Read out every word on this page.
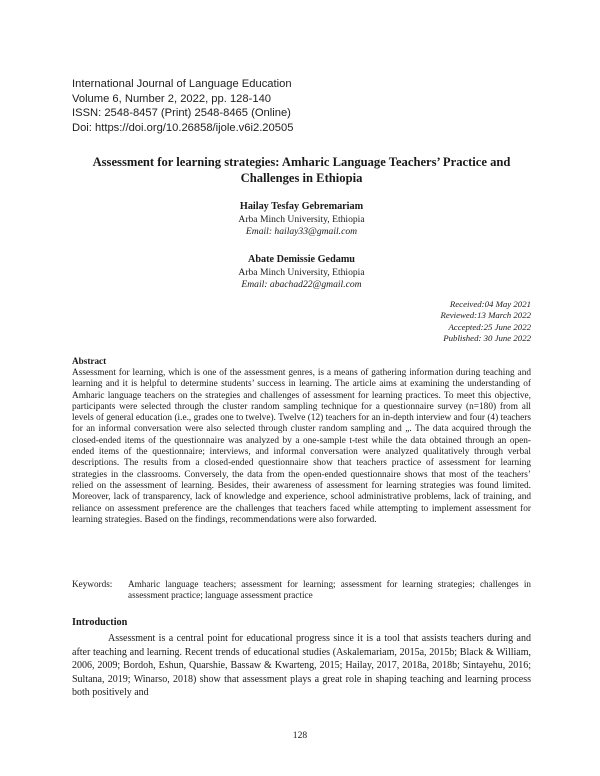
International Journal of Language Education
Volume 6, Number 2, 2022, pp. 128-140
ISSN: 2548-8457 (Print) 2548-8465 (Online)
Doi: https://doi.org/10.26858/ijole.v6i2.20505
Assessment for learning strategies: Amharic Language Teachers’ Practice and Challenges in Ethiopia
Hailay Tesfay Gebremariam
Arba Minch University, Ethiopia
Email: hailay33@gmail.com
Abate Demissie Gedamu
Arba Minch University, Ethiopia
Email: abachad22@gmail.com
Received:04 May 2021
Reviewed:13 March 2022
Accepted:25 June 2022
Published: 30 June 2022
Abstract
Assessment for learning, which is one of the assessment genres, is a means of gathering information during teaching and learning and it is helpful to determine students’ success in learning. The article aims at examining the understanding of Amharic language teachers on the strategies and challenges of assessment for learning practices. To meet this objective, participants were selected through the cluster random sampling technique for a questionnaire survey (n=180) from all levels of general education (i.e., grades one to twelve). Twelve (12) teachers for an in-depth interview and four (4) teachers for an informal conversation were also selected through cluster random sampling and „. The data acquired through the closed-ended items of the questionnaire was analyzed by a one-sample t-test while the data obtained through an open-ended items of the questionnaire; interviews, and informal conversation were analyzed qualitatively through verbal descriptions. The results from a closed-ended questionnaire show that teachers practice of assessment for learning strategies in the classrooms. Conversely, the data from the open-ended questionnaire shows that most of the teachers’ relied on the assessment of learning. Besides, their awareness of assessment for learning strategies was found limited. Moreover, lack of transparency, lack of knowledge and experience, school administrative problems, lack of training, and reliance on assessment preference are the challenges that teachers faced while attempting to implement assessment for learning strategies. Based on the findings, recommendations were also forwarded.
Keywords: Amharic language teachers; assessment for learning; assessment for learning strategies; challenges in assessment practice; language assessment practice
Introduction
Assessment is a central point for educational progress since it is a tool that assists teachers during and after teaching and learning. Recent trends of educational studies (Askalemariam, 2015a, 2015b; Black & William, 2006, 2009; Bordoh, Eshun, Quarshie, Bassaw & Kwarteng, 2015; Hailay, 2017, 2018a, 2018b; Sintayehu, 2016; Sultana, 2019; Winarso, 2018) show that assessment plays a great role in shaping teaching and learning process both positively and
128
